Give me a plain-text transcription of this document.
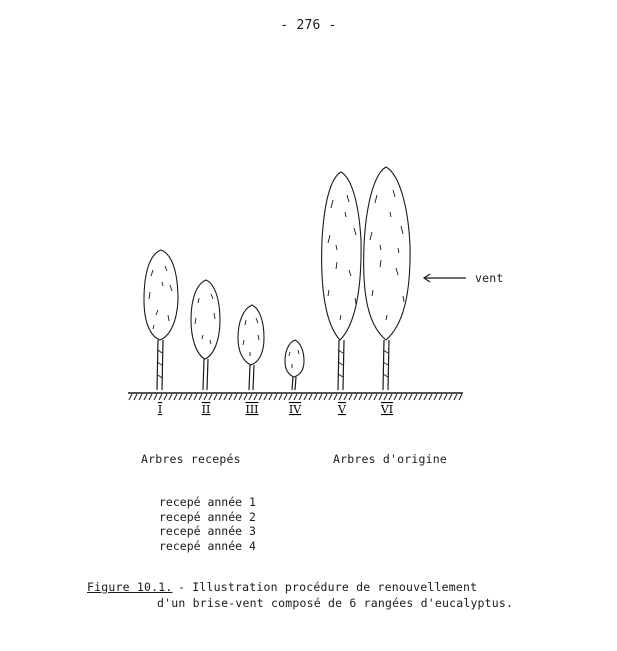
- 276 -
I	II	III	IV	V	VI
vent
Arbres recepés	Arbres d'origine
recepé année 1
recepé année 2
recepé année 3
recepé année 4
Figure 10.1. - Illustration procédure de renouvellement
d'un brise-vent composé de 6 rangées d'eucalyptus.
